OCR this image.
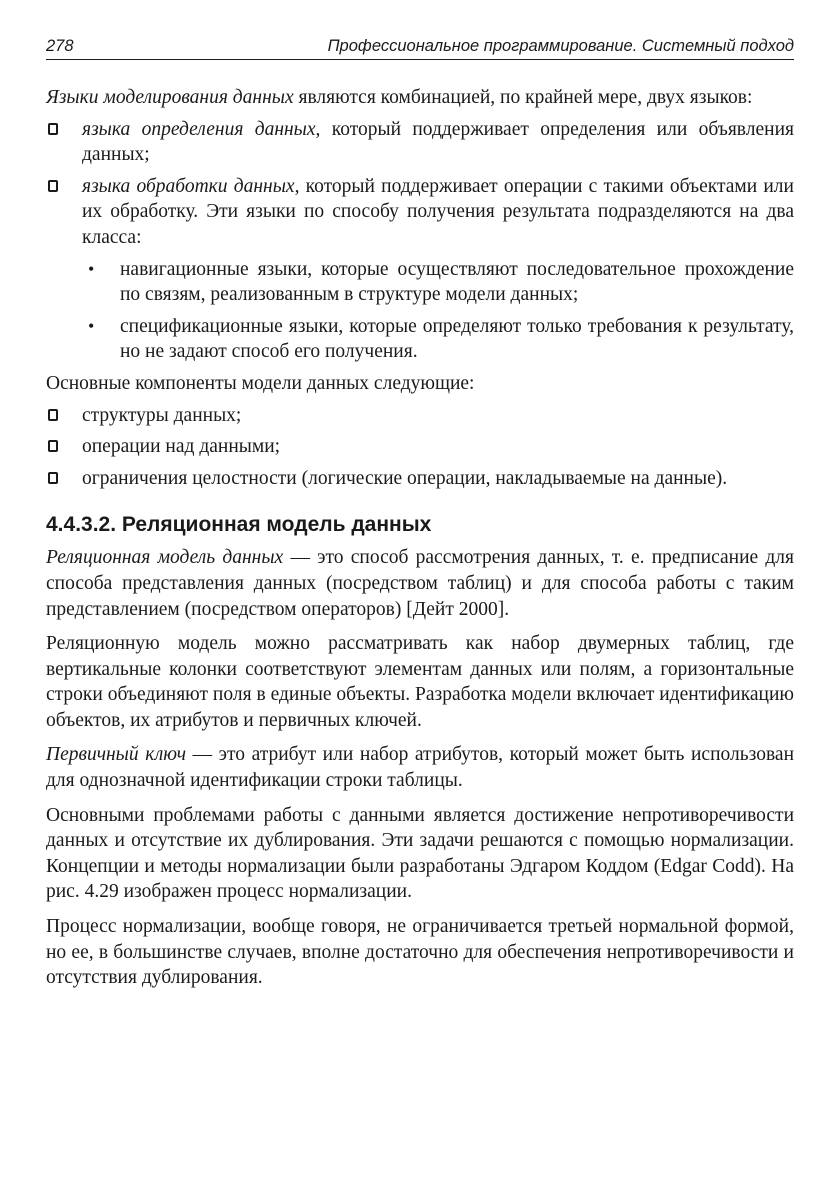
278	Профессиональное программирование. Системный подход

Языки моделирования данных являются комбинацией, по крайней мере, двух языков:

языка определения данных, который поддерживает определения или объявления данных;
языка обработки данных, который поддерживает операции с такими объектами или их обработку. Эти языки по способу получения результата подразделяются на два класса:
• навигационные языки, которые осуществляют последовательное прохождение по связям, реализованным в структуре модели данных;
• спецификационные языки, которые определяют только требования к результату, но не задают способ его получения.

Основные компоненты модели данных следующие:

структуры данных;
операции над данными;
ограничения целостности (логические операции, накладываемые на данные).
4.4.3.2. Реляционная модель данных

Реляционная модель данных — это способ рассмотрения данных, т. е. предписание для способа представления данных (посредством таблиц) и для способа работы с таким представлением (посредством операторов) [Дейт 2000].

Реляционную модель можно рассматривать как набор двумерных таблиц, где вертикальные колонки соответствуют элементам данных или полям, а горизонтальные строки объединяют поля в единые объекты. Разработка модели включает идентификацию объектов, их атрибутов и первичных ключей.

Первичный ключ — это атрибут или набор атрибутов, который может быть использован для однозначной идентификации строки таблицы.

Основными проблемами работы с данными является достижение непротиворечивости данных и отсутствие их дублирования. Эти задачи решаются с помощью нормализации. Концепции и методы нормализации были разработаны Эдгаром Коддом (Edgar Codd). На рис. 4.29 изображен процесс нормализации.

Процесс нормализации, вообще говоря, не ограничивается третьей нормальной формой, но ее, в большинстве случаев, вполне достаточно для обеспечения непротиворечивости и отсутствия дублирования.
